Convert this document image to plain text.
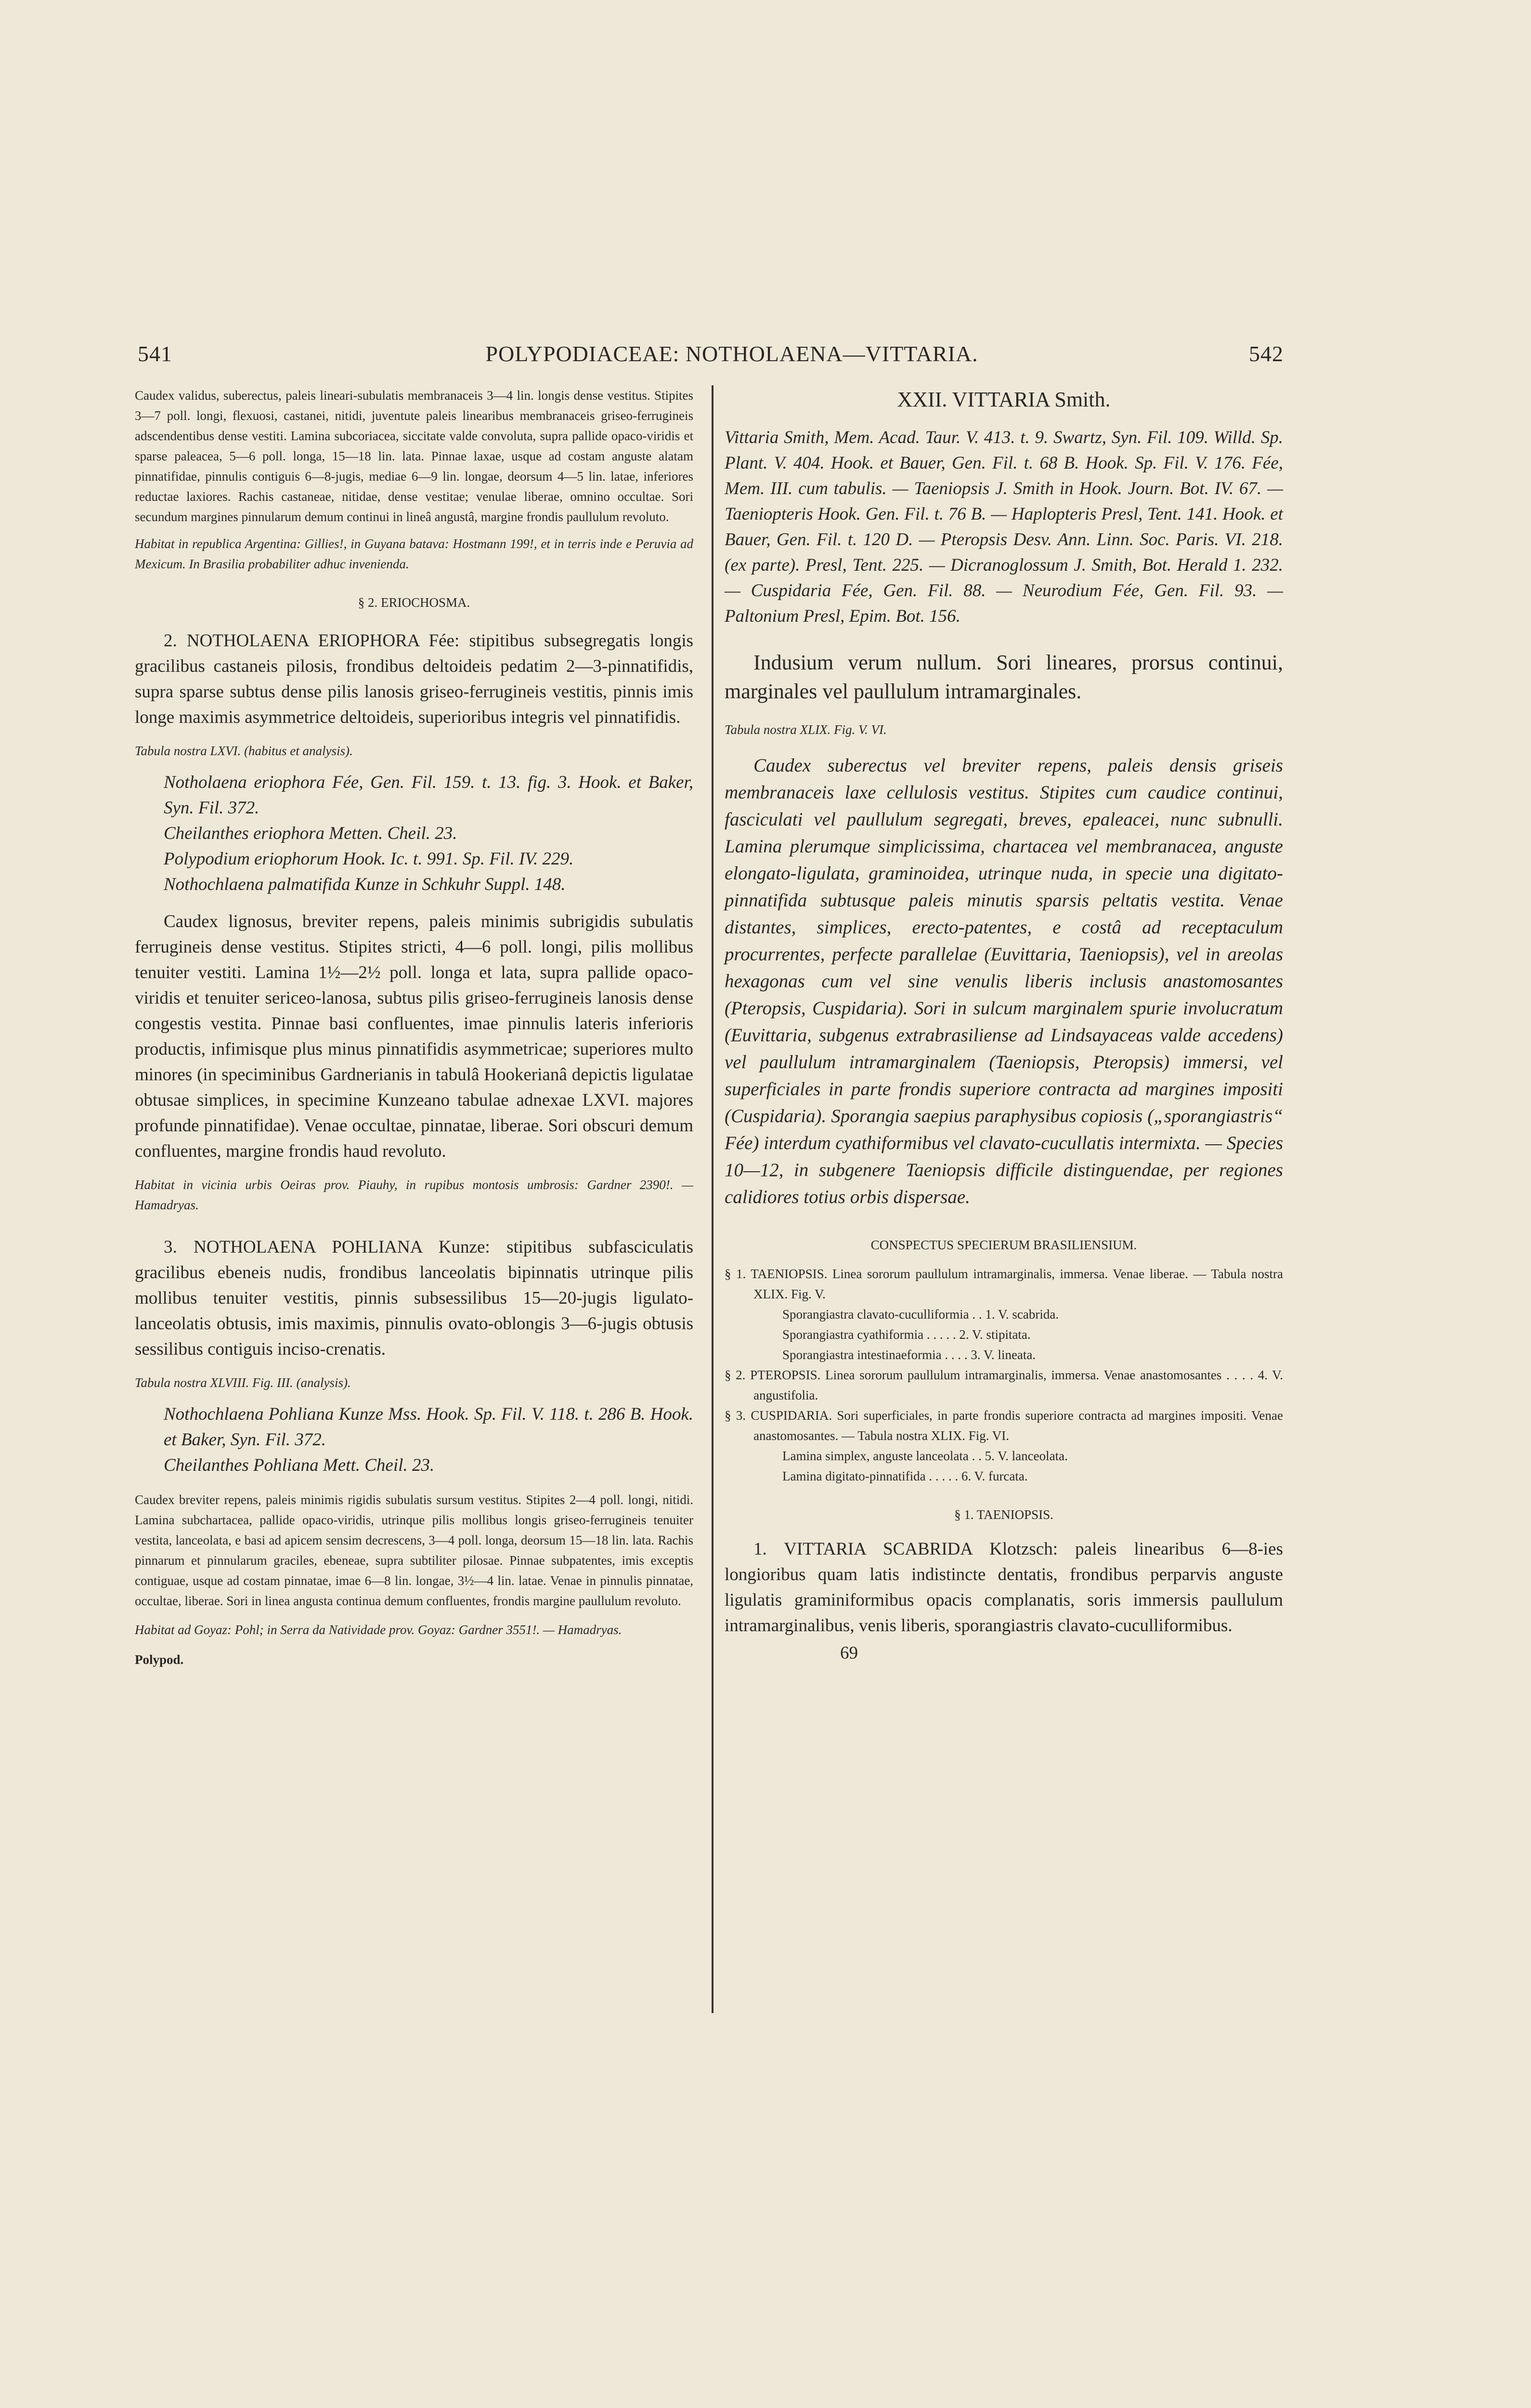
541	POLYPODIACEAE: NOTHOLAENA—VITTARIA.	542

Caudex validus, suberectus, paleis lineari-subulatis membranaceis 3—4 lin. longis dense vestitus. Stipites 3—7 poll. longi, flexuosi, castanei, nitidi, juventute paleis linearibus membranaceis griseo-ferrugineis adscendentibus dense vestiti. Lamina subcoriacea, siccitate valde convoluta, supra pallide opaco-viridis et sparse paleacea, 5—6 poll. longa, 15—18 lin. lata. Pinnae laxae, usque ad costam anguste alatam pinnatifidae, pinnulis contiguis 6—8-jugis, mediae 6—9 lin. longae, deorsum 4—5 lin. latae, inferiores reductae laxiores. Rachis castaneae, nitidae, dense vestitae; venulae liberae, omnino occultae. Sori secundum margines pinnularum demum continui in lineâ angustâ, margine frondis paullulum revoluto.

Habitat in republica Argentina: Gillies!, in Guyana batava: Hostmann 199!, et in terris inde e Peruvia ad Mexicum. In Brasilia probabiliter adhuc invenienda.

§ 2. ERIOCHOSMA.

2. NOTHOLAENA ERIOPHORA Fée: stipitibus subsegregatis longis gracilibus castaneis pilosis, frondibus deltoideis pedatim 2—3-pinnatifidis, supra sparse subtus dense pilis lanosis griseo-ferrugineis vestitis, pinnis imis longe maximis asymmetrice deltoideis, superioribus integris vel pinnatifidis.

Tabula nostra LXVI. (habitus et analysis).

Notholaena eriophora Fée, Gen. Fil. 159. t. 13. fig. 3. Hook. et Baker, Syn. Fil. 372.

Cheilanthes eriophora Metten. Cheil. 23.

Polypodium eriophorum Hook. Ic. t. 991. Sp. Fil. IV. 229.

Nothochlaena palmatifida Kunze in Schkuhr Suppl. 148.

Caudex lignosus, breviter repens, paleis minimis subrigidis subulatis ferrugineis dense vestitus. Stipites stricti, 4—6 poll. longi, pilis mollibus tenuiter vestiti. Lamina 1½—2½ poll. longa et lata, supra pallide opaco-viridis et tenuiter sericeo-lanosa, subtus pilis griseo-ferrugineis lanosis dense congestis vestita. Pinnae basi confluentes, imae pinnulis lateris inferioris productis, infimisque plus minus pinnatifidis asymmetricae; superiores multo minores (in speciminibus Gardnerianis in tabulâ Hookerianâ depictis ligulatae obtusae simplices, in specimine Kunzeano tabulae adnexae LXVI. majores profunde pinnatifidae). Venae occultae, pinnatae, liberae. Sori obscuri demum confluentes, margine frondis haud revoluto.

Habitat in vicinia urbis Oeiras prov. Piauhy, in rupibus montosis umbrosis: Gardner 2390!. — Hamadryas.

3. NOTHOLAENA POHLIANA Kunze: stipitibus subfasciculatis gracilibus ebeneis nudis, frondibus lanceolatis bipinnatis utrinque pilis mollibus tenuiter vestitis, pinnis subsessilibus 15—20-jugis ligulato-lanceolatis obtusis, imis maximis, pinnulis ovato-oblongis 3—6-jugis obtusis sessilibus contiguis inciso-crenatis.

Tabula nostra XLVIII. Fig. III. (analysis).

Nothochlaena Pohliana Kunze Mss. Hook. Sp. Fil. V. 118. t. 286 B. Hook. et Baker, Syn. Fil. 372.

Cheilanthes Pohliana Mett. Cheil. 23.

Caudex breviter repens, paleis minimis rigidis subulatis sursum vestitus. Stipites 2—4 poll. longi, nitidi. Lamina subchartacea, pallide opaco-viridis, utrinque pilis mollibus longis griseo-ferrugineis tenuiter vestita, lanceolata, e basi ad apicem sensim decrescens, 3—4 poll. longa, deorsum 15—18 lin. lata. Rachis pinnarum et pinnularum graciles, ebeneae, supra subtiliter pilosae. Pinnae subpatentes, imis exceptis contiguae, usque ad costam pinnatae, imae 6—8 lin. longae, 3½—4 lin. latae. Venae in pinnulis pinnatae, occultae, liberae. Sori in linea angusta continua demum confluentes, frondis margine paullulum revoluto.

Habitat ad Goyaz: Pohl; in Serra da Natividade prov. Goyaz: Gardner 3551!. — Hamadryas.

Polypod.

XXII. VITTARIA Smith.

Vittaria Smith, Mem. Acad. Taur. V. 413. t. 9. Swartz, Syn. Fil. 109. Willd. Sp. Plant. V. 404. Hook. et Bauer, Gen. Fil. t. 68 B. Hook. Sp. Fil. V. 176. Fée, Mem. III. cum tabulis. — Taeniopsis J. Smith in Hook. Journ. Bot. IV. 67. — Taeniopteris Hook. Gen. Fil. t. 76 B. — Haplopteris Presl, Tent. 141. Hook. et Bauer, Gen. Fil. t. 120 D. — Pteropsis Desv. Ann. Linn. Soc. Paris. VI. 218. (ex parte). Presl, Tent. 225. — Dicranoglossum J. Smith, Bot. Herald 1. 232. — Cuspidaria Fée, Gen. Fil. 88. — Neurodium Fée, Gen. Fil. 93. — Paltonium Presl, Epim. Bot. 156.

Indusium verum nullum. Sori lineares, prorsus continui, marginales vel paullulum intramarginales.

Tabula nostra XLIX. Fig. V. VI.

Caudex suberectus vel breviter repens, paleis densis griseis membranaceis laxe cellulosis vestitus. Stipites cum caudice continui, fasciculati vel paullulum segregati, breves, epaleacei, nunc subnulli. Lamina plerumque simplicissima, chartacea vel membranacea, anguste elongato-ligulata, graminoidea, utrinque nuda, in specie una digitato-pinnatifida subtusque paleis minutis sparsis peltatis vestita. Venae distantes, simplices, erecto-patentes, e costâ ad receptaculum procurrentes, perfecte parallelae (Euvittaria, Taeniopsis), vel in areolas hexagonas cum vel sine venulis liberis inclusis anastomosantes (Pteropsis, Cuspidaria). Sori in sulcum marginalem spurie involucratum (Euvittaria, subgenus extrabrasiliense ad Lindsayaceas valde accedens) vel paullulum intramarginalem (Taeniopsis, Pteropsis) immersi, vel superficiales in parte frondis superiore contracta ad margines impositi (Cuspidaria). Sporangia saepius paraphysibus copiosis („sporangiastris“ Fée) interdum cyathiformibus vel clavato-cucullatis intermixta. — Species 10—12, in subgenere Taeniopsis difficile distinguendae, per regiones calidiores totius orbis dispersae.

CONSPECTUS SPECIERUM BRASILIENSIUM.

§ 1. TAENIOPSIS. Linea sororum paullulum intramarginalis, immersa. Venae liberae. — Tabula nostra XLIX. Fig. V.

Sporangiastra clavato-cuculliformia . . 1. V. scabrida.
Sporangiastra cyathiformia . . . . . 2. V. stipitata.
Sporangiastra intestinaeformia . . . . 3. V. lineata.

§ 2. PTEROPSIS. Linea sororum paullulum intramarginalis, immersa. Venae anastomosantes . . . . 4. V. angustifolia.

§ 3. CUSPIDARIA. Sori superficiales, in parte frondis superiore contracta ad margines impositi. Venae anastomosantes. — Tabula nostra XLIX. Fig. VI.

Lamina simplex, anguste lanceolata . . 5. V. lanceolata.
Lamina digitato-pinnatifida . . . . . 6. V. furcata.

§ 1. TAENIOPSIS.

1. VITTARIA SCABRIDA Klotzsch: paleis linearibus 6—8-ies longioribus quam latis indistincte dentatis, frondibus perparvis anguste ligulatis graminiformibus opacis complanatis, soris immersis paullulum intramarginalibus, venis liberis, sporangiastris clavato-cuculliformibus.

69
